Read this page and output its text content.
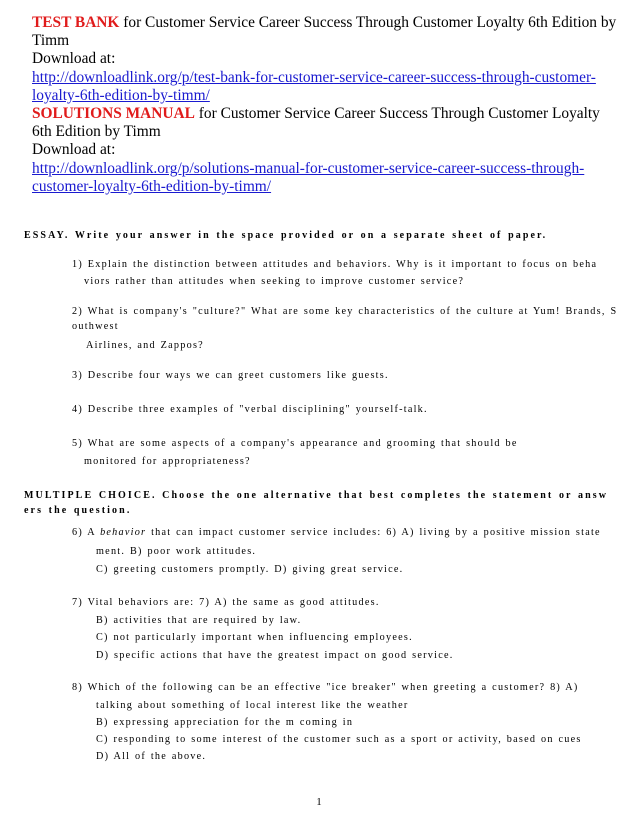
TEST BANK for Customer Service Career Success Through Customer Loyalty 6th Edition by Timm
Download at:
http://downloadlink.org/p/test-bank-for-customer-service-career-success-through-customer-loyalty-6th-edition-by-timm/
SOLUTIONS MANUAL for Customer Service Career Success Through Customer Loyalty 6th Edition by Timm
Download at:
http://downloadlink.org/p/solutions-manual-for-customer-service-career-success-through-customer-loyalty-6th-edition-by-timm/
ESSAY. Write your answer in the space provided or on a separate sheet of paper.
1) Explain the distinction between attitudes and behaviors. Why is it important to focus on beha
viors rather than attitudes when seeking to improve customer service?
2) What is company's "culture?" What are some key characteristics of the culture at Yum! Brands, S
outhwest
Airlines, and Zappos?
3) Describe four ways we can greet customers like guests.
4) Describe three examples of "verbal disciplining" yourself-talk.
5) What are some aspects of a company's appearance and grooming that should be
monitored for appropriateness?
MULTIPLE CHOICE. Choose the one alternative that best completes the statement or answ
ers the question.
6) A behavior that can impact customer service includes: 6) A) living by a positive mission state
ment. B) poor work attitudes.
C) greeting customers promptly. D) giving great service.
7) Vital behaviors are: 7) A) the same as good attitudes.
B) activities that are required by law.
C) not particularly important when influencing employees.
D) specific actions that have the greatest impact on good service.
8) Which of the following can be an effective "ice breaker" when greeting a customer? 8) A)
talking about something of local interest like the weather
B) expressing appreciation for the m coming in
C) responding to some interest of the customer such as a sport or activity, based on cues
D) All of the above.
1
